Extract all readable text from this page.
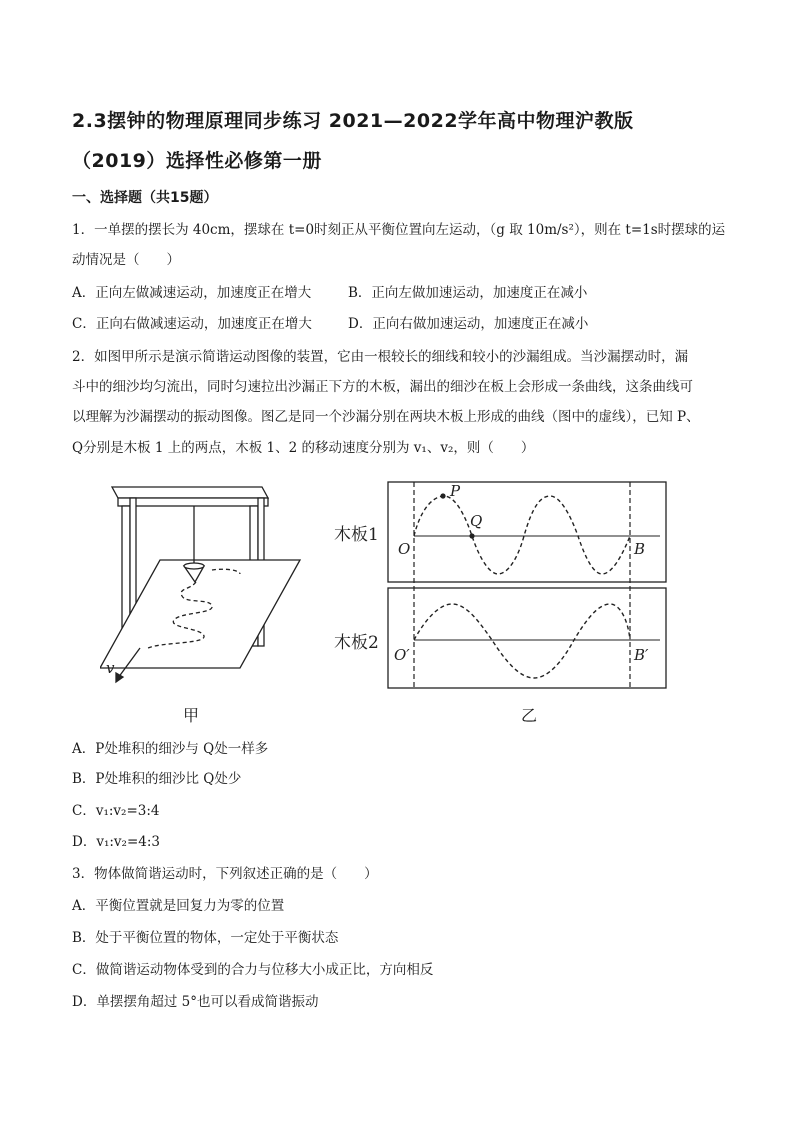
2.3摆钟的物理原理同步练习 2021—2022学年高中物理沪教版
（2019）选择性必修第一册
一、选择题（共15题）
1．一单摆的摆长为 40cm，摆球在 t=0时刻正从平衡位置向左运动，（g 取 10m/s²），则在 t=1s时摆球的运
动情况是（　　）
A．正向左做减速运动，加速度正在增大	B．正向左做加速运动，加速度正在减小
C．正向右做减速运动，加速度正在增大	D．正向右做加速运动，加速度正在减小
2．如图甲所示是演示简谐运动图像的装置，它由一根较长的细线和较小的沙漏组成。当沙漏摆动时，漏
斗中的细沙均匀流出，同时匀速拉出沙漏正下方的木板，漏出的细沙在板上会形成一条曲线，这条曲线可
以理解为沙漏摆动的振动图像。图乙是同一个沙漏分别在两块木板上形成的曲线（图中的虚线），已知 P、
Q分别是木板 1 上的两点，木板 1、2 的移动速度分别为 v₁、v₂，则（　　）
v
木板1
木板2
P
Q
O	B
O′	B′
甲	乙
A．P处堆积的细沙与 Q处一样多
B．P处堆积的细沙比 Q处少
C．v₁:v₂=3:4
D．v₁:v₂=4:3
3．物体做简谐运动时，下列叙述正确的是（　　）
A．平衡位置就是回复力为零的位置
B．处于平衡位置的物体，一定处于平衡状态
C．做简谐运动物体受到的合力与位移大小成正比，方向相反
D．单摆摆角超过 5°也可以看成简谐振动
